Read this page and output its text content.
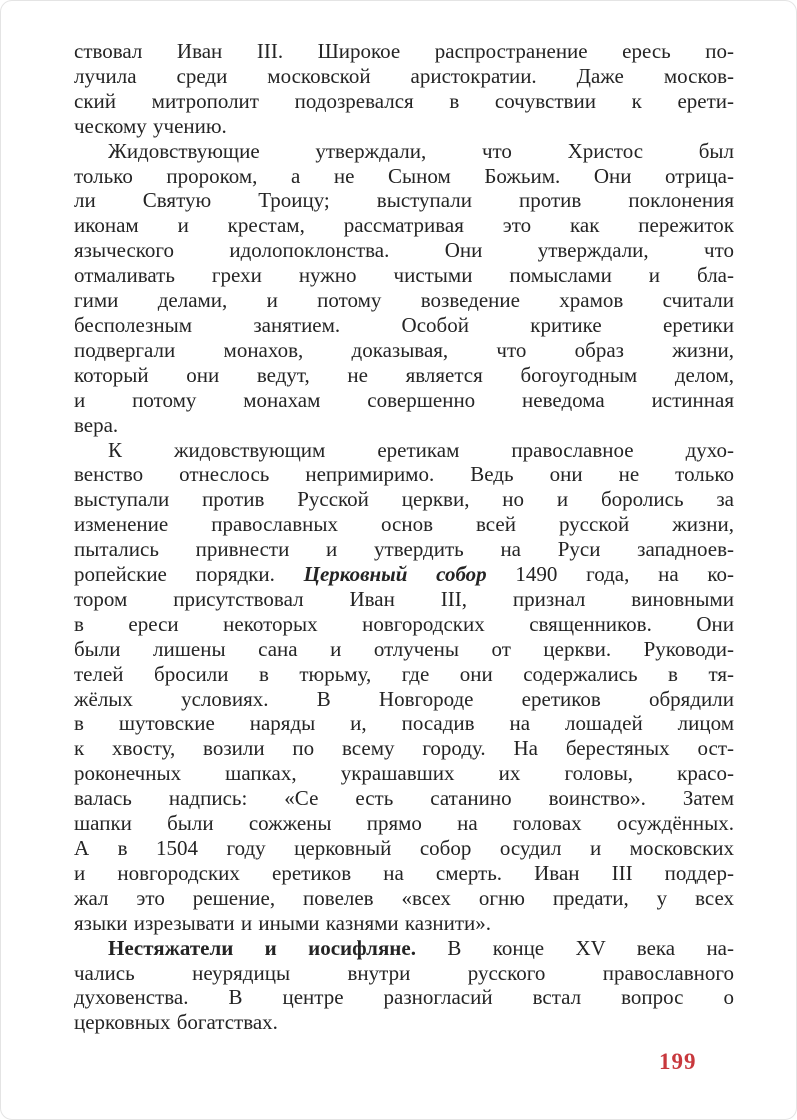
ствовал Иван III. Широкое распространение ересь по-
лучила среди московской аристократии. Даже москов-
ский митрополит подозревался в сочувствии к ерети-
ческому учению.
Жидовствующие утверждали, что Христос был
только пророком, а не Сыном Божьим. Они отрица-
ли Святую Троицу; выступали против поклонения
иконам и крестам, рассматривая это как пережиток
языческого идолопоклонства. Они утверждали, что
отмаливать грехи нужно чистыми помыслами и бла-
гими делами, и потому возведение храмов считали
бесполезным занятием. Особой критике еретики
подвергали монахов, доказывая, что образ жизни,
который они ведут, не является богоугодным делом,
и потому монахам совершенно неведома истинная
вера.
К жидовствующим еретикам православное духо-
венство отнеслось непримиримо. Ведь они не только
выступали против Русской церкви, но и боролись за
изменение православных основ всей русской жизни,
пытались привнести и утвердить на Руси западноев-
ропейские порядки. Церковный собор 1490 года, на ко-
тором присутствовал Иван III, признал виновными
в ереси некоторых новгородских священников. Они
были лишены сана и отлучены от церкви. Руководи-
телей бросили в тюрьму, где они содержались в тя-
жёлых условиях. В Новгороде еретиков обрядили
в шутовские наряды и, посадив на лошадей лицом
к хвосту, возили по всему городу. На берестяных ост-
роконечных шапках, украшавших их головы, красо-
валась надпись: «Се есть сатанино воинство». Затем
шапки были сожжены прямо на головах осуждённых.
А в 1504 году церковный собор осудил и московских
и новгородских еретиков на смерть. Иван III поддер-
жал это решение, повелев «всех огню предати, у всех
языки изрезывати и иными казнями казнити».
Нестяжатели и иосифляне. В конце XV века на-
чались неурядицы внутри русского православного
духовенства. В центре разногласий встал вопрос о
церковных богатствах.
199
